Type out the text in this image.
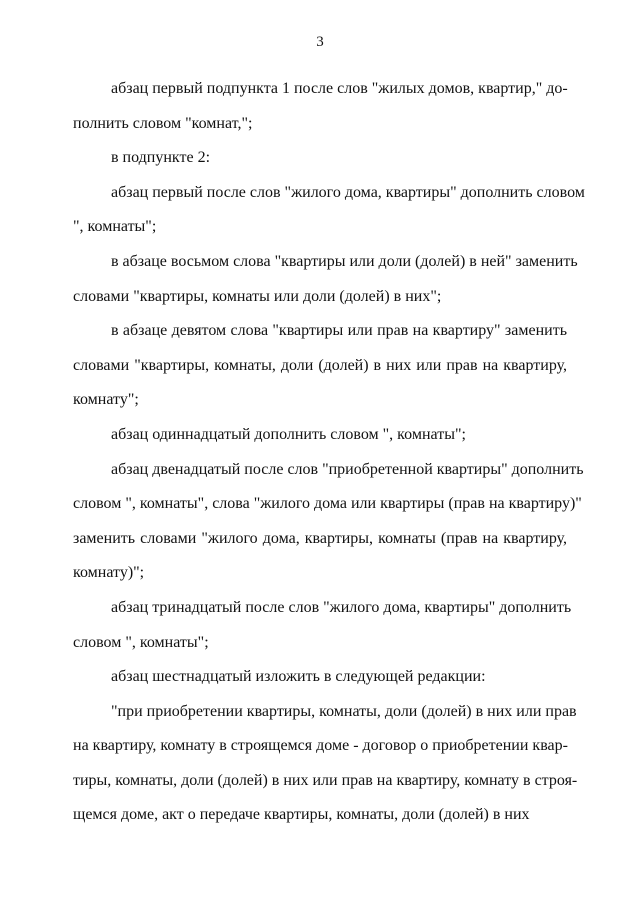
3

абзац первый подпункта 1 после слов "жилых домов, квартир," до-
полнить словом "комнат,";

в подпункте 2:

абзац первый после слов "жилого дома, квартиры" дополнить словом
", комнаты";

в абзаце восьмом слова "квартиры или доли (долей) в ней" заменить
словами "квартиры, комнаты или доли (долей) в них";

в абзаце девятом слова "квартиры или прав на квартиру" заменить
словами "квартиры, комнаты, доли (долей) в них или прав на квартиру,
комнату";

абзац одиннадцатый дополнить словом ", комнаты";

абзац двенадцатый после слов "приобретенной квартиры" дополнить
словом ", комнаты", слова "жилого дома или квартиры (прав на квартиру)"
заменить словами "жилого дома, квартиры, комнаты (прав на квартиру,
комнату)";

абзац тринадцатый после слов "жилого дома, квартиры" дополнить
словом ", комнаты";

абзац шестнадцатый изложить в следующей редакции:

"при приобретении квартиры, комнаты, доли (долей) в них или прав
на квартиру, комнату в строящемся доме - договор о приобретении квар-
тиры, комнаты, доли (долей) в них или прав на квартиру, комнату в строя-
щемся доме, акт о передаче квартиры, комнаты, доли (долей) в них
